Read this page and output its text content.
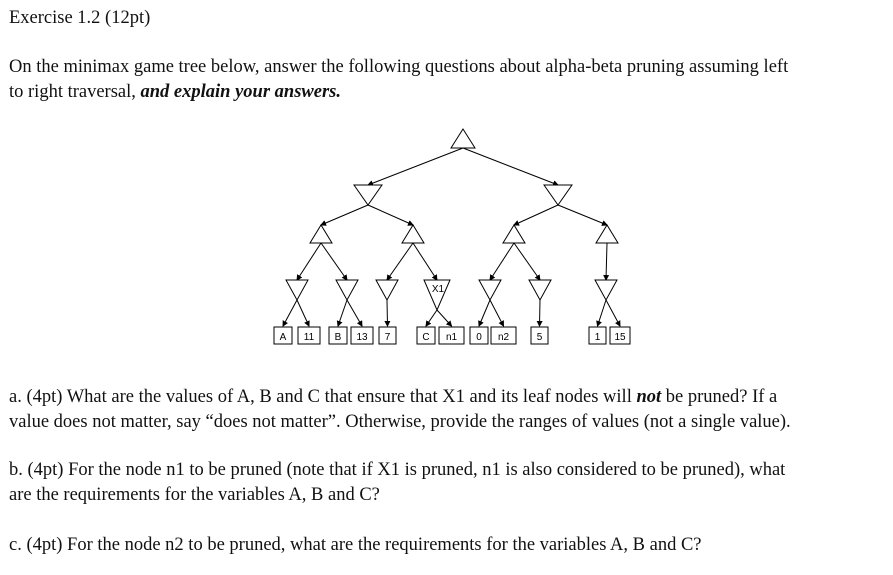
Exercise 1.2 (12pt)
On the minimax game tree below, answer the following questions about alpha-beta pruning assuming left
to right traversal, and explain your answers.
A 11 B 13 7	C n1 0 n2	5	1 15
X1
a. (4pt) What are the values of A, B and C that ensure that X1 and its leaf nodes will not be pruned? If a
value does not matter, say “does not matter”. Otherwise, provide the ranges of values (not a single value).
b. (4pt) For the node n1 to be pruned (note that if X1 is pruned, n1 is also considered to be pruned), what
are the requirements for the variables A, B and C?
c. (4pt) For the node n2 to be pruned, what are the requirements for the variables A, B and C?
